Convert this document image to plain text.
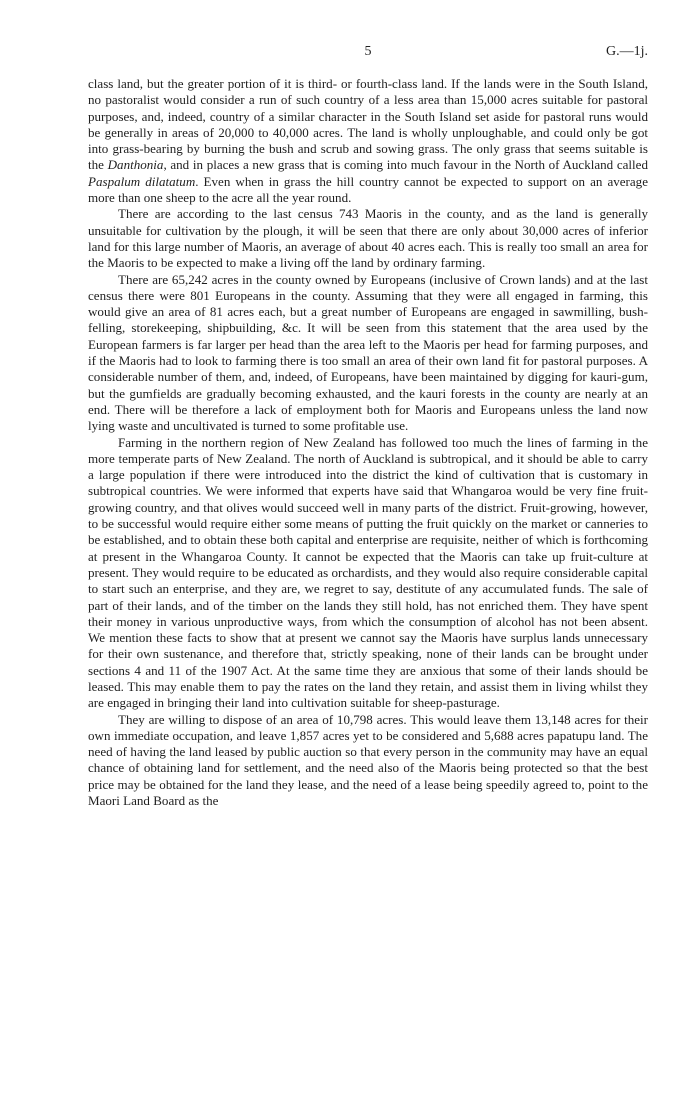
5	G.—1j.

class land, but the greater portion of it is third- or fourth-class land. If the lands were in the South Island, no pastoralist would consider a run of such country of a less area than 15,000 acres suitable for pastoral purposes, and, indeed, country of a similar character in the South Island set aside for pastoral runs would be generally in areas of 20,000 to 40,000 acres. The land is wholly unploughable, and could only be got into grass-bearing by burning the bush and scrub and sowing grass. The only grass that seems suitable is the Danthonia, and in places a new grass that is coming into much favour in the North of Auckland called Paspalum dilatatum. Even when in grass the hill country cannot be expected to support on an average more than one sheep to the acre all the year round.

There are according to the last census 743 Maoris in the county, and as the land is generally unsuitable for cultivation by the plough, it will be seen that there are only about 30,000 acres of inferior land for this large number of Maoris, an average of about 40 acres each. This is really too small an area for the Maoris to be expected to make a living off the land by ordinary farming.

There are 65,242 acres in the county owned by Europeans (inclusive of Crown lands) and at the last census there were 801 Europeans in the county. Assuming that they were all engaged in farming, this would give an area of 81 acres each, but a great number of Europeans are engaged in sawmilling, bush-felling, storekeeping, shipbuilding, &c. It will be seen from this statement that the area used by the European farmers is far larger per head than the area left to the Maoris per head for farming purposes, and if the Maoris had to look to farming there is too small an area of their own land fit for pastoral purposes. A considerable number of them, and, indeed, of Europeans, have been maintained by digging for kauri-gum, but the gumfields are gradually becoming exhausted, and the kauri forests in the county are nearly at an end. There will be therefore a lack of employment both for Maoris and Europeans unless the land now lying waste and uncultivated is turned to some profitable use.

Farming in the northern region of New Zealand has followed too much the lines of farming in the more temperate parts of New Zealand. The north of Auckland is subtropical, and it should be able to carry a large population if there were introduced into the district the kind of cultivation that is customary in subtropical countries. We were informed that experts have said that Whangaroa would be very fine fruit-growing country, and that olives would succeed well in many parts of the district. Fruit-growing, however, to be successful would require either some means of putting the fruit quickly on the market or canneries to be established, and to obtain these both capital and enterprise are requisite, neither of which is forthcoming at present in the Whangaroa County. It cannot be expected that the Maoris can take up fruit-culture at present. They would require to be educated as orchardists, and they would also require considerable capital to start such an enterprise, and they are, we regret to say, destitute of any accumulated funds. The sale of part of their lands, and of the timber on the lands they still hold, has not enriched them. They have spent their money in various unproductive ways, from which the consumption of alcohol has not been absent. We mention these facts to show that at present we cannot say the Maoris have surplus lands unnecessary for their own sustenance, and therefore that, strictly speaking, none of their lands can be brought under sections 4 and 11 of the 1907 Act. At the same time they are anxious that some of their lands should be leased. This may enable them to pay the rates on the land they retain, and assist them in living whilst they are engaged in bringing their land into cultivation suitable for sheep-pasturage.

They are willing to dispose of an area of 10,798 acres. This would leave them 13,148 acres for their own immediate occupation, and leave 1,857 acres yet to be considered and 5,688 acres papatupu land. The need of having the land leased by public auction so that every person in the community may have an equal chance of obtaining land for settlement, and the need also of the Maoris being protected so that the best price may be obtained for the land they lease, and the need of a lease being speedily agreed to, point to the Maori Land Board as the
